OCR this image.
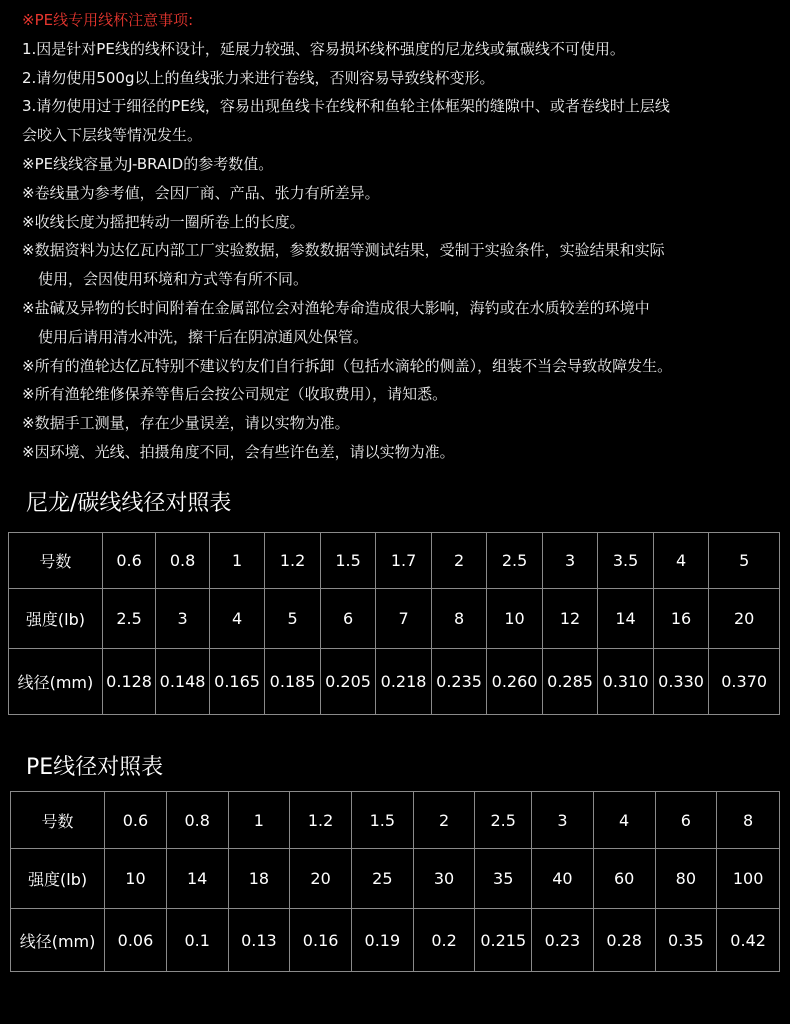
※PE线专用线杯注意事项:
1.因是针对PE线的线杯设计，延展力较强、容易损坏线杯强度的尼龙线或氟碳线不可使用。
2.请勿使用500g以上的鱼线张力来进行卷线，否则容易导致线杯变形。
3.请勿使用过于细径的PE线，容易出现鱼线卡在线杯和鱼轮主体框架的缝隙中、或者卷线时上层线
会咬入下层线等情况发生。
※PE线线容量为J-BRAID的参考数值。
※卷线量为参考値，会因厂商、产品、张力有所差异。
※收线长度为摇把转动一圈所卷上的长度。
※数据资料为达亿瓦内部工厂实验数据，参数数据等测试结果，受制于实验条件，实验结果和实际
使用，会因使用环境和方式等有所不同。
※盐碱及异物的长时间附着在金属部位会对渔轮寿命造成很大影响，海钓或在水质较差的环境中
使用后请用清水冲洗，擦干后在阴凉通风处保管。
※所有的渔轮达亿瓦特别不建议钓友们自行拆卸（包括水滴轮的侧盖），组装不当会导致故障发生。
※所有渔轮维修保养等售后会按公司规定（收取费用），请知悉。
※数据手工测量，存在少量误差，请以实物为准。
※因环境、光线、拍摄角度不同，会有些许色差，请以实物为准。
尼龙/碳线线径对照表
号数	0.6	0.8	1	1.2	1.5	1.7	2	2.5	3	3.5	4	5
强度(lb)	2.5	3	4	5	6	7	8	10	12	14	16	20
线径(mm)	0.128	0.148	0.165	0.185	0.205	0.218	0.235	0.260	0.285	0.310	0.330	0.370
PE线径对照表
号数	0.6	0.8	1	1.2	1.5	2	2.5	3	4	6	8
强度(lb)	10	14	18	20	25	30	35	40	60	80	100
线径(mm)	0.06	0.1	0.13	0.16	0.19	0.2	0.215	0.23	0.28	0.35	0.42
